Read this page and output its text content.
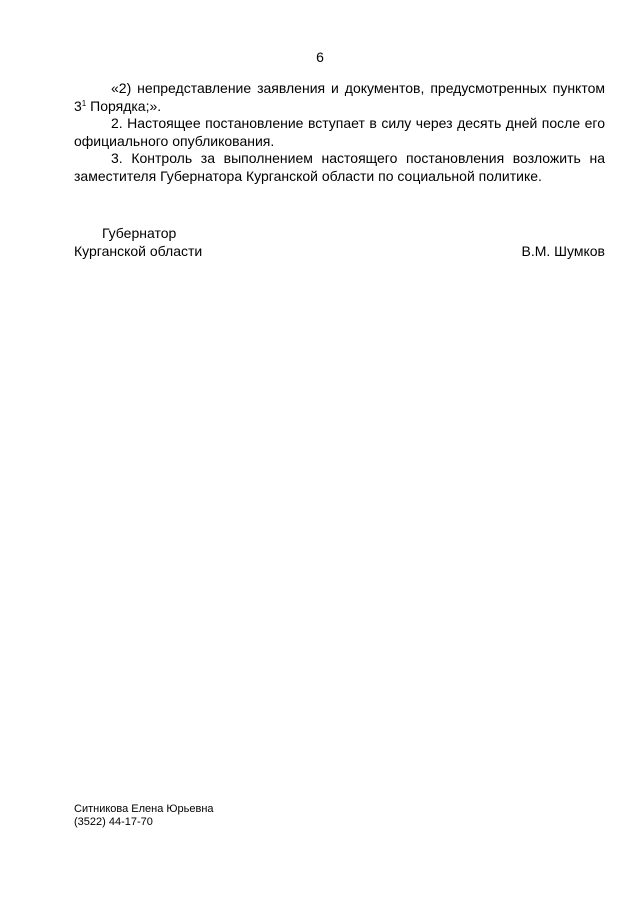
6

«2) непредставление заявления и документов, предусмотренных пунктом $3^1$ Порядка;».

2. Настоящее постановление вступает в силу через десять дней после его официального опубликования.

3. Контроль за выполнением настоящего постановления возложить на заместителя Губернатора Курганской области по социальной политике.

Губернатор
Курганской области	В.М. Шумков
Ситникова Елена Юрьевна
(3522) 44-17-70
